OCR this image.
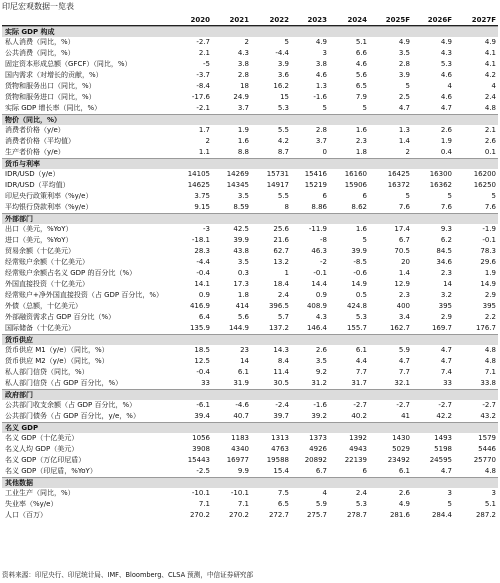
印尼宏观数据一览表
2020	2021	2022	2023	2024	2025F	2026F	2027F
实际 GDP 构成
私人消费（同比，%）	-2.7	2	5	4.9	5.1	4.9	4.9	4.9
公共消费（同比，%）	2.1	4.3	-4.4	3	6.6	3.5	4.3	4.1
固定资本形成总额（GFCF）（同比，%）	-5	3.8	3.9	3.8	4.6	2.8	5.3	4.1
国内需求（对增长的贡献，%）	-3.7	2.8	3.6	4.6	5.6	3.9	4.6	4.2
货物和服务出口（同比，%）	-8.4	18	16.2	1.3	6.5	5	4	4
货物和服务进口（同比，%）	-17.6	24.9	15	-1.6	7.9	2.5	4.6	2.4
实际 GDP 增长率（同比，%）	-2.1	3.7	5.3	5	5	4.7	4.7	4.8
物价（同比，%）
消费者价格（y/e）	1.7	1.9	5.5	2.8	1.6	1.3	2.6	2.1
消费者价格（平均值）	2	1.6	4.2	3.7	2.3	1.4	1.9	2.6
生产者价格（y/e）	1.1	8.8	8.7	0	1.8	2	0.4	0.1
货币与利率
IDR/USD（y/e）	14105	14269	15731	15416	16160	16425	16300	16200
IDR/USD（平均值）	14625	14345	14917	15219	15906	16372	16362	16250
印尼央行政策利率（%y/e）	3.75	3.5	5.5	6	6	5	5	5
平均银行贷款利率（%y/e）	9.15	8.59	8	8.86	8.62	7.6	7.6	7.6
外部部门
出口（美元，%YoY）	-3	42.5	25.6	-11.9	1.6	17.4	9.3	-1.9
进口（美元，%YoY）	-18.1	39.9	21.6	-8	5	6.7	6.2	-0.1
贸易余额（十亿美元）	28.3	43.8	62.7	46.3	39.9	70.5	84.5	78.3
经常账户余额（十亿美元）	-4.4	3.5	13.2	-2	-8.5	20	34.6	29.6
经常账户余额占名义 GDP 的百分比（%）	-0.4	0.3	1	-0.1	-0.6	1.4	2.3	1.9
外国直接投资（十亿美元）	14.1	17.3	18.4	14.4	14.9	12.9	14	14.9
经常账户+净外国直接投资（占 GDP 百分比，%）	0.9	1.8	2.4	0.9	0.5	2.3	3.2	2.9
外债（总额，十亿美元）	416.9	414	396.5	408.9	424.8	400	395	395
外部融资需求占 GDP 百分比（%）	6.4	5.6	5.7	4.3	5.3	3.4	2.9	2.2
国际储备（十亿美元）	135.9	144.9	137.2	146.4	155.7	162.7	169.7	176.7
货币供应
货币供应 M1（y/e）（同比，%）	18.5	23	14.3	2.6	6.1	5.9	4.7	4.8
货币供应 M2（y/e）（同比，%）	12.5	14	8.4	3.5	4.4	4.7	4.7	4.8
私人部门信贷（同比，%）	-0.4	6.1	11.4	9.2	7.7	7.7	7.4	7.1
私人部门信贷（占 GDP 百分比，%）	33	31.9	30.5	31.2	31.7	32.1	33	33.8
政府部门
公共部门收支余额（占 GDP 百分比，%）	-6.1	-4.6	-2.4	-1.6	-2.7	-2.7	-2.7	-2.7
公共部门债务（占 GDP 百分比，y/e，%）	39.4	40.7	39.7	39.2	40.2	41	42.2	43.2
名义 GDP
名义 GDP（十亿美元）	1056	1183	1313	1373	1392	1430	1493	1579
名义人均 GDP（美元）	3908	4340	4763	4926	4943	5029	5198	5446
名义 GDP（万亿印尼盾）	15443	16977	19588	20892	22139	23492	24595	25770
名义 GDP（印尼盾，%YoY）	-2.5	9.9	15.4	6.7	6	6.1	4.7	4.8
其他数据
工业生产（同比，%）	-10.1	-10.1	7.5	4	2.4	2.6	3	3
失业率（%y/e）	7.1	7.1	6.5	5.9	5.3	4.9	5	5.1
人口（百万）	270.2	270.2	272.7	275.7	278.7	281.6	284.4	287.2
资料来源：印尼央行、印尼统计局、IMF、Bloomberg、CLSA 预测，中信证券研究部
